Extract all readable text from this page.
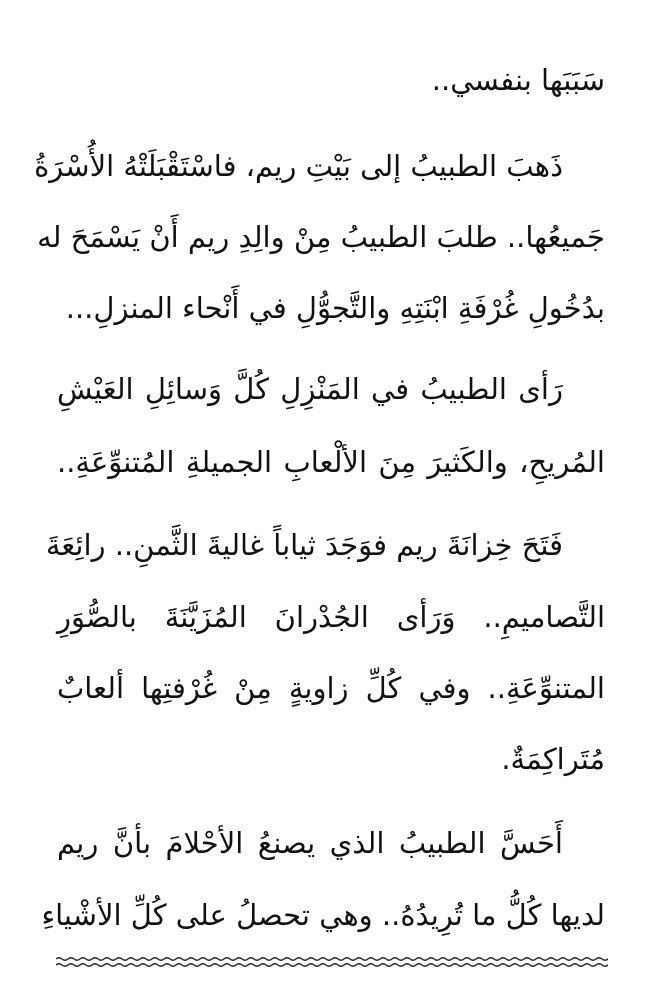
سَبَبَها بنفسي..
ذَهبَ الطبيبُ إلى بَيْتِ ريم، فاسْتَقْبَلَتْهُ الأُسْرَةُ
جَميعُها.. طلبَ الطبيبُ مِنْ والِدِ ريم أَنْ يَسْمَحَ له
بدُخُولِ غُرْفَةِ ابْنَتِهِ والتَّجوُّلِ في أَنْحاء المنزلِ...
رَأى الطبيبُ في المَنْزِلِ كُلَّ وَسائِلِ العَيْشِ
المُريحِ، والكَثيرَ مِنَ الألْعابِ الجميلةِ المُتنوِّعَةِ..
فَتَحَ خِزانَةَ ريم فوَجَدَ ثياباً غاليةَ الثَّمنِ.. رائِعَةَ
التَّصاميمِ.. وَرَأى الجُدْرانَ المُزَيَّنَةَ بالصُّوَرِ
المتنوِّعَةِ.. وفي كُلِّ زاويةٍ مِنْ غُرْفتِها ألعابٌ
مُتَراكِمَةٌ.
أَحَسَّ الطبيبُ الذي يصنعُ الأحْلامَ بأنَّ ريم
لديها كُلُّ ما تُرِيدُهُ.. وهي تحصلُ على كُلِّ الأشْياءِ
